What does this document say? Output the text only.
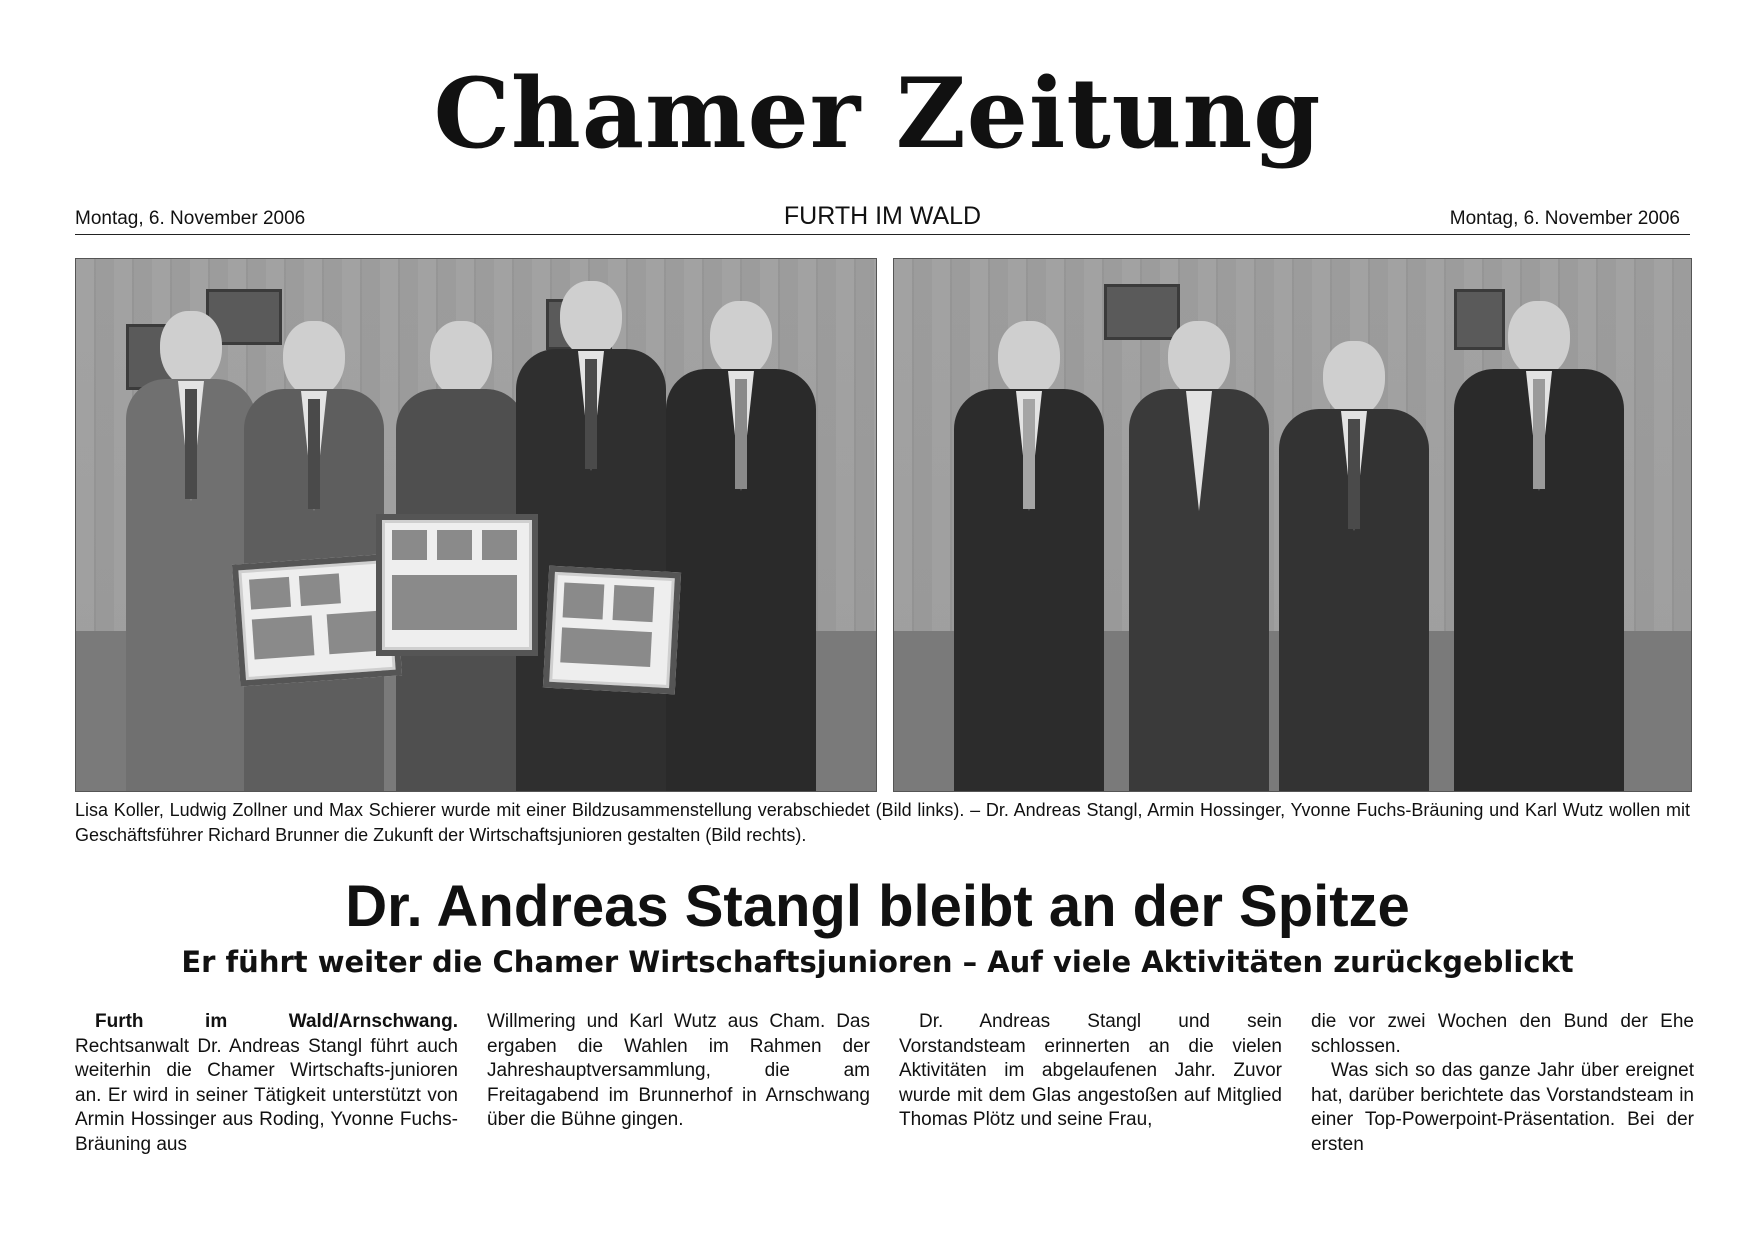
Chamer Zeitung
Montag, 6. November 2006	FURTH IM WALD	Montag, 6. November 2006
Lisa Koller, Ludwig Zollner und Max Schierer wurde mit einer Bildzusammenstellung verabschiedet (Bild links). – Dr. Andreas Stangl, Armin Hossinger, Yvonne Fuchs-Bräuning und Karl Wutz wollen mit Geschäftsführer Richard Brunner die Zukunft der Wirtschaftsjunioren gestalten (Bild rechts).
Dr. Andreas Stangl bleibt an der Spitze
Er führt weiter die Chamer Wirtschaftsjunioren – Auf viele Aktivitäten zurückgeblickt

Furth im Wald/Arnschwang. Rechtsanwalt Dr. Andreas Stangl führt auch weiterhin die Chamer Wirtschafts-junioren an. Er wird in seiner Tätigkeit unterstützt von Armin Hossinger aus Roding, Yvonne Fuchs-Bräuning aus

Willmering und Karl Wutz aus Cham. Das ergaben die Wahlen im Rahmen der Jahreshauptversammlung, die am Freitagabend im Brunnerhof in Arnschwang über die Bühne gingen.

Dr. Andreas Stangl und sein Vorstandsteam erinnerten an die vielen Aktivitäten im abgelaufenen Jahr. Zuvor wurde mit dem Glas angestoßen auf Mitglied Thomas Plötz und seine Frau,

die vor zwei Wochen den Bund der Ehe schlossen.

Was sich so das ganze Jahr über ereignet hat, darüber berichtete das Vorstandsteam in einer Top-Powerpoint-Präsentation. Bei der ersten
